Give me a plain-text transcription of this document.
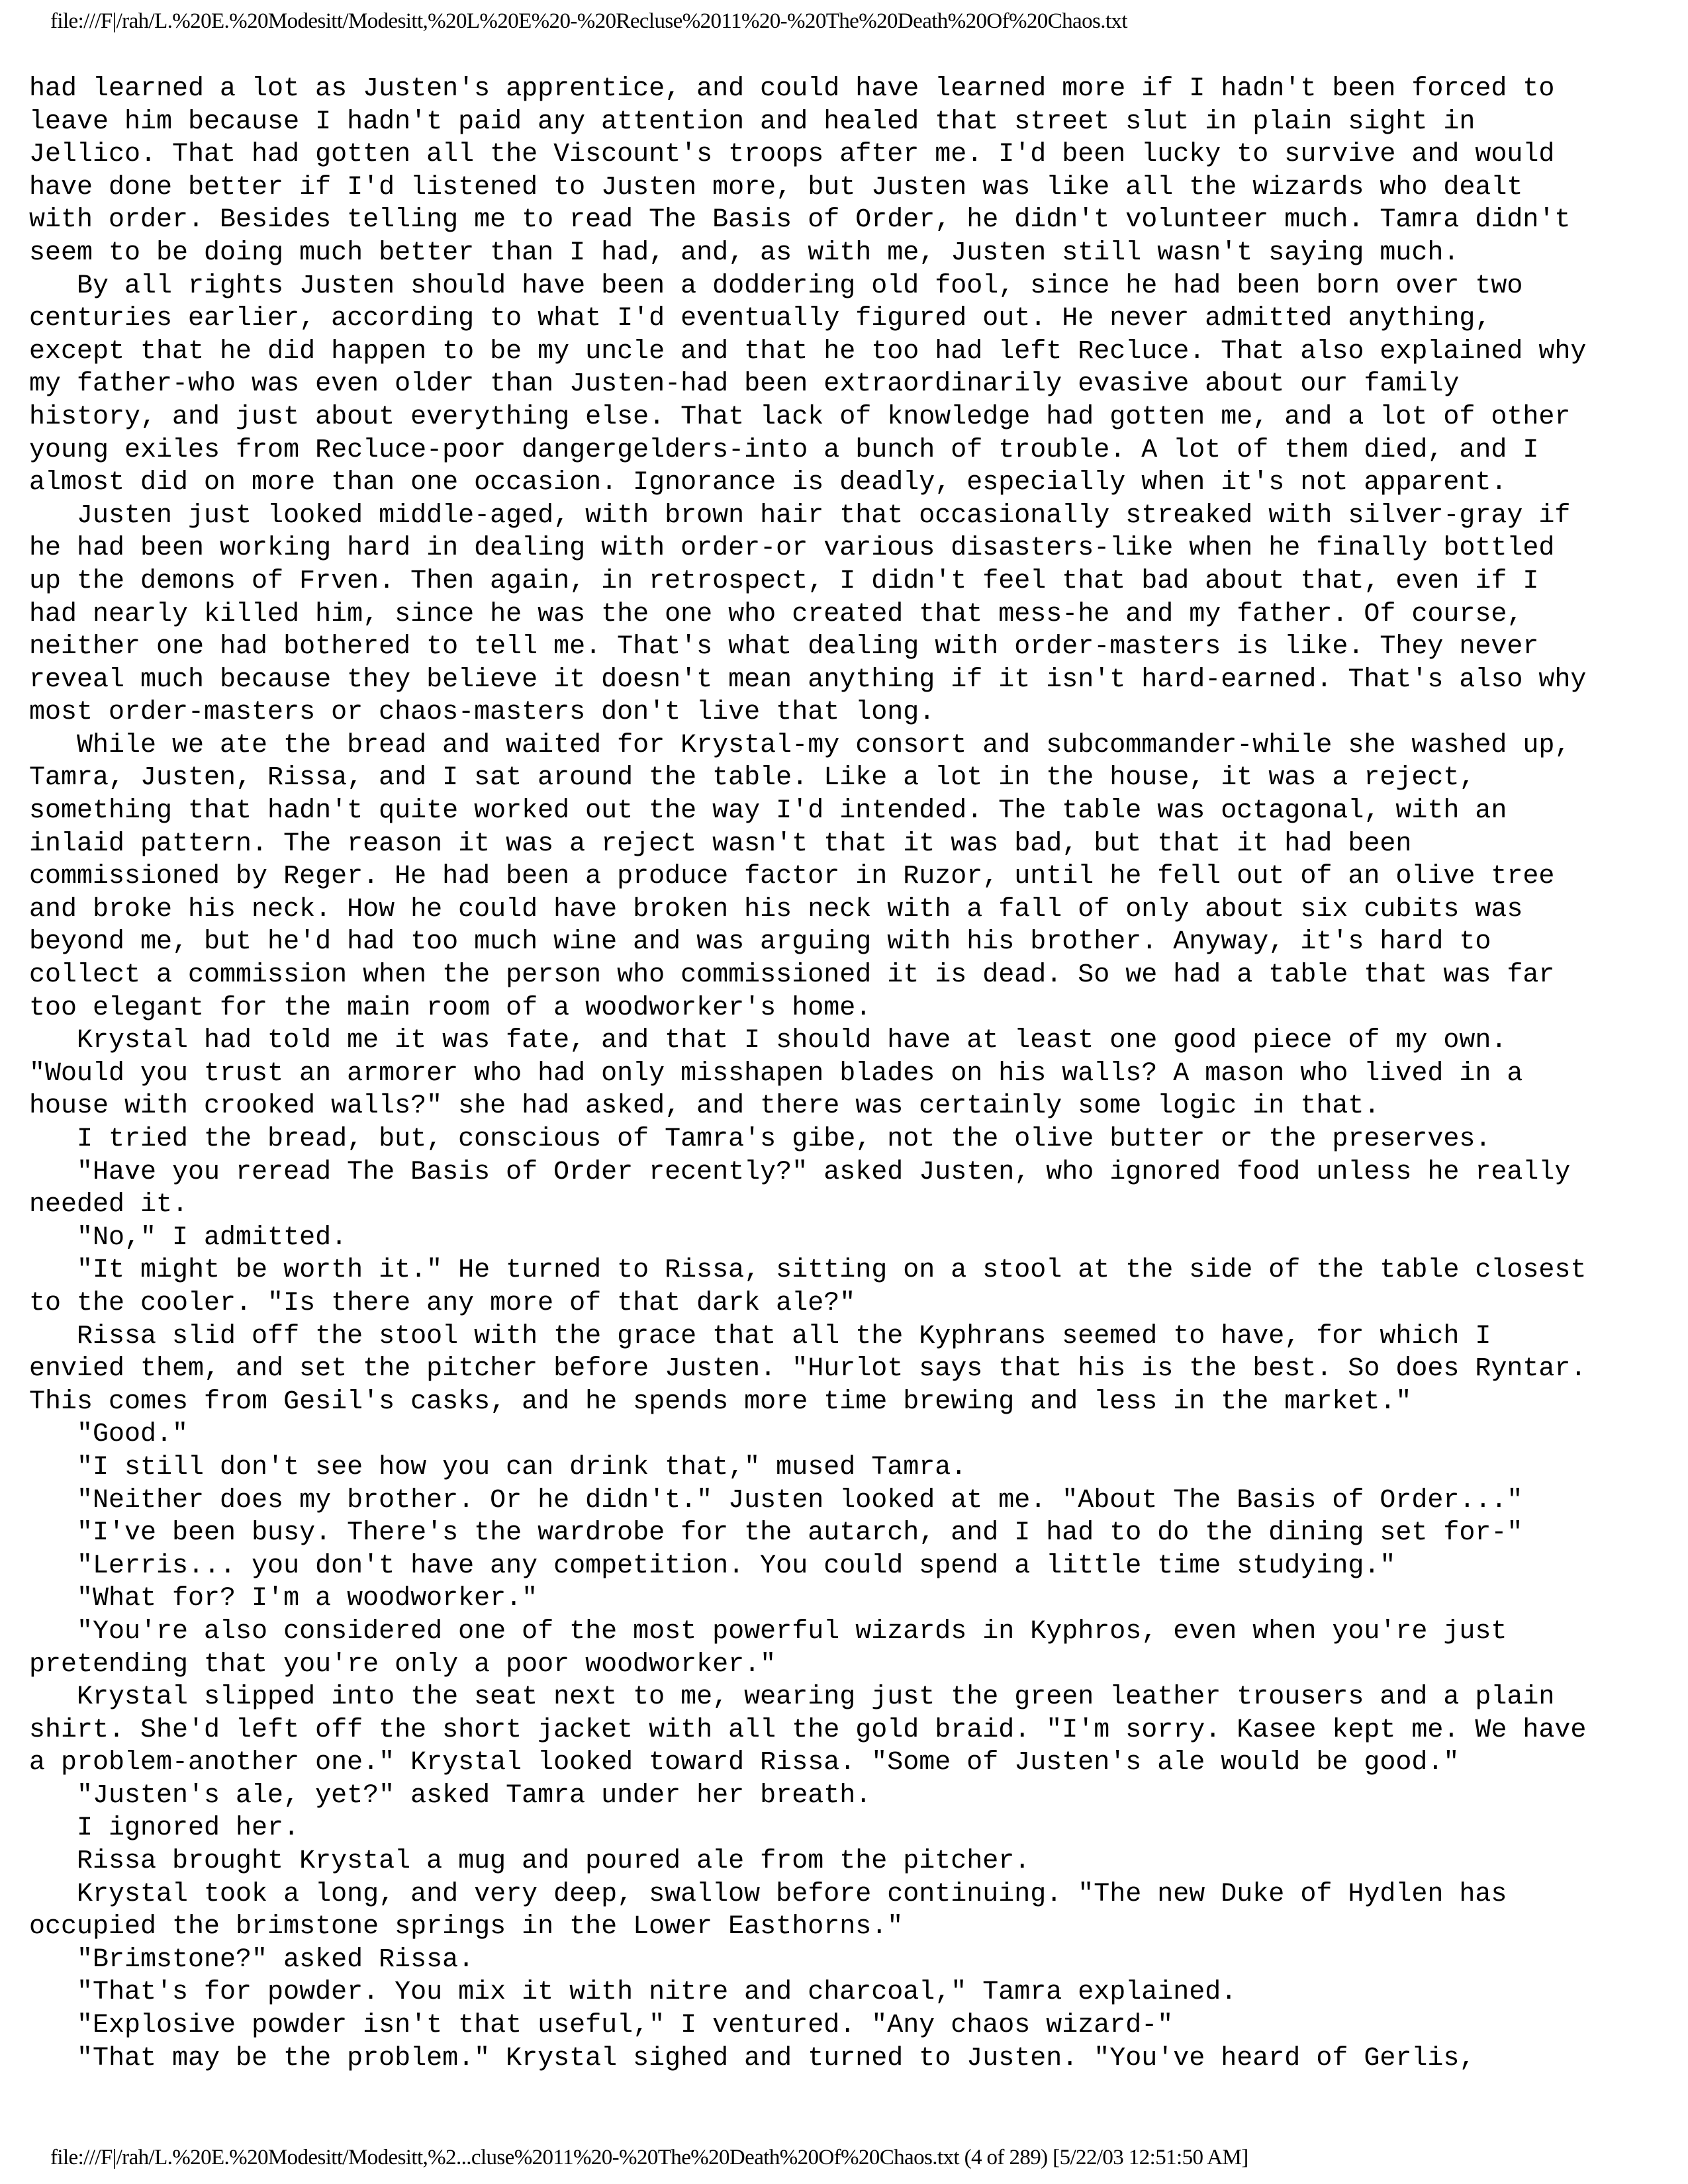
file:///F|/rah/L.%20E.%20Modesitt/Modesitt,%20L%20E%20-%20Recluse%2011%20-%20The%20Death%20Of%20Chaos.txt
had learned a lot as Justen's apprentice, and could have learned more if I hadn't been forced to
leave him because I hadn't paid any attention and healed that street slut in plain sight in
Jellico. That had gotten all the Viscount's troops after me. I'd been lucky to survive and would
have done better if I'd listened to Justen more, but Justen was like all the wizards who dealt
with order. Besides telling me to read The Basis of Order, he didn't volunteer much. Tamra didn't
seem to be doing much better than I had, and, as with me, Justen still wasn't saying much.
By all rights Justen should have been a doddering old fool, since he had been born over two
centuries earlier, according to what I'd eventually figured out. He never admitted anything,
except that he did happen to be my uncle and that he too had left Recluce. That also explained why
my father-who was even older than Justen-had been extraordinarily evasive about our family
history, and just about everything else. That lack of knowledge had gotten me, and a lot of other
young exiles from Recluce-poor dangergelders-into a bunch of trouble. A lot of them died, and I
almost did on more than one occasion. Ignorance is deadly, especially when it's not apparent.
Justen just looked middle-aged, with brown hair that occasionally streaked with silver-gray if
he had been working hard in dealing with order-or various disasters-like when he finally bottled
up the demons of Frven. Then again, in retrospect, I didn't feel that bad about that, even if I
had nearly killed him, since he was the one who created that mess-he and my father. Of course,
neither one had bothered to tell me. That's what dealing with order-masters is like. They never
reveal much because they believe it doesn't mean anything if it isn't hard-earned. That's also why
most order-masters or chaos-masters don't live that long.
While we ate the bread and waited for Krystal-my consort and subcommander-while she washed up,
Tamra, Justen, Rissa, and I sat around the table. Like a lot in the house, it was a reject,
something that hadn't quite worked out the way I'd intended. The table was octagonal, with an
inlaid pattern. The reason it was a reject wasn't that it was bad, but that it had been
commissioned by Reger. He had been a produce factor in Ruzor, until he fell out of an olive tree
and broke his neck. How he could have broken his neck with a fall of only about six cubits was
beyond me, but he'd had too much wine and was arguing with his brother. Anyway, it's hard to
collect a commission when the person who commissioned it is dead. So we had a table that was far
too elegant for the main room of a woodworker's home.
Krystal had told me it was fate, and that I should have at least one good piece of my own.
"Would you trust an armorer who had only misshapen blades on his walls? A mason who lived in a
house with crooked walls?" she had asked, and there was certainly some logic in that.
I tried the bread, but, conscious of Tamra's gibe, not the olive butter or the preserves.
"Have you reread The Basis of Order recently?" asked Justen, who ignored food unless he really
needed it.
"No," I admitted.
"It might be worth it." He turned to Rissa, sitting on a stool at the side of the table closest
to the cooler. "Is there any more of that dark ale?"
Rissa slid off the stool with the grace that all the Kyphrans seemed to have, for which I
envied them, and set the pitcher before Justen. "Hurlot says that his is the best. So does Ryntar.
This comes from Gesil's casks, and he spends more time brewing and less in the market."
"Good."
"I still don't see how you can drink that," mused Tamra.
"Neither does my brother. Or he didn't." Justen looked at me. "About The Basis of Order..."
"I've been busy. There's the wardrobe for the autarch, and I had to do the dining set for-"
"Lerris... you don't have any competition. You could spend a little time studying."
"What for? I'm a woodworker."
"You're also considered one of the most powerful wizards in Kyphros, even when you're just
pretending that you're only a poor woodworker."
Krystal slipped into the seat next to me, wearing just the green leather trousers and a plain
shirt. She'd left off the short jacket with all the gold braid. "I'm sorry. Kasee kept me. We have
a problem-another one." Krystal looked toward Rissa. "Some of Justen's ale would be good."
"Justen's ale, yet?" asked Tamra under her breath.
I ignored her.
Rissa brought Krystal a mug and poured ale from the pitcher.
Krystal took a long, and very deep, swallow before continuing. "The new Duke of Hydlen has
occupied the brimstone springs in the Lower Easthorns."
"Brimstone?" asked Rissa.
"That's for powder. You mix it with nitre and charcoal," Tamra explained.
"Explosive powder isn't that useful," I ventured. "Any chaos wizard-"
"That may be the problem." Krystal sighed and turned to Justen. "You've heard of Gerlis,
file:///F|/rah/L.%20E.%20Modesitt/Modesitt,%2...cluse%2011%20-%20The%20Death%20Of%20Chaos.txt (4 of 289) [5/22/03 12:51:50 AM]
